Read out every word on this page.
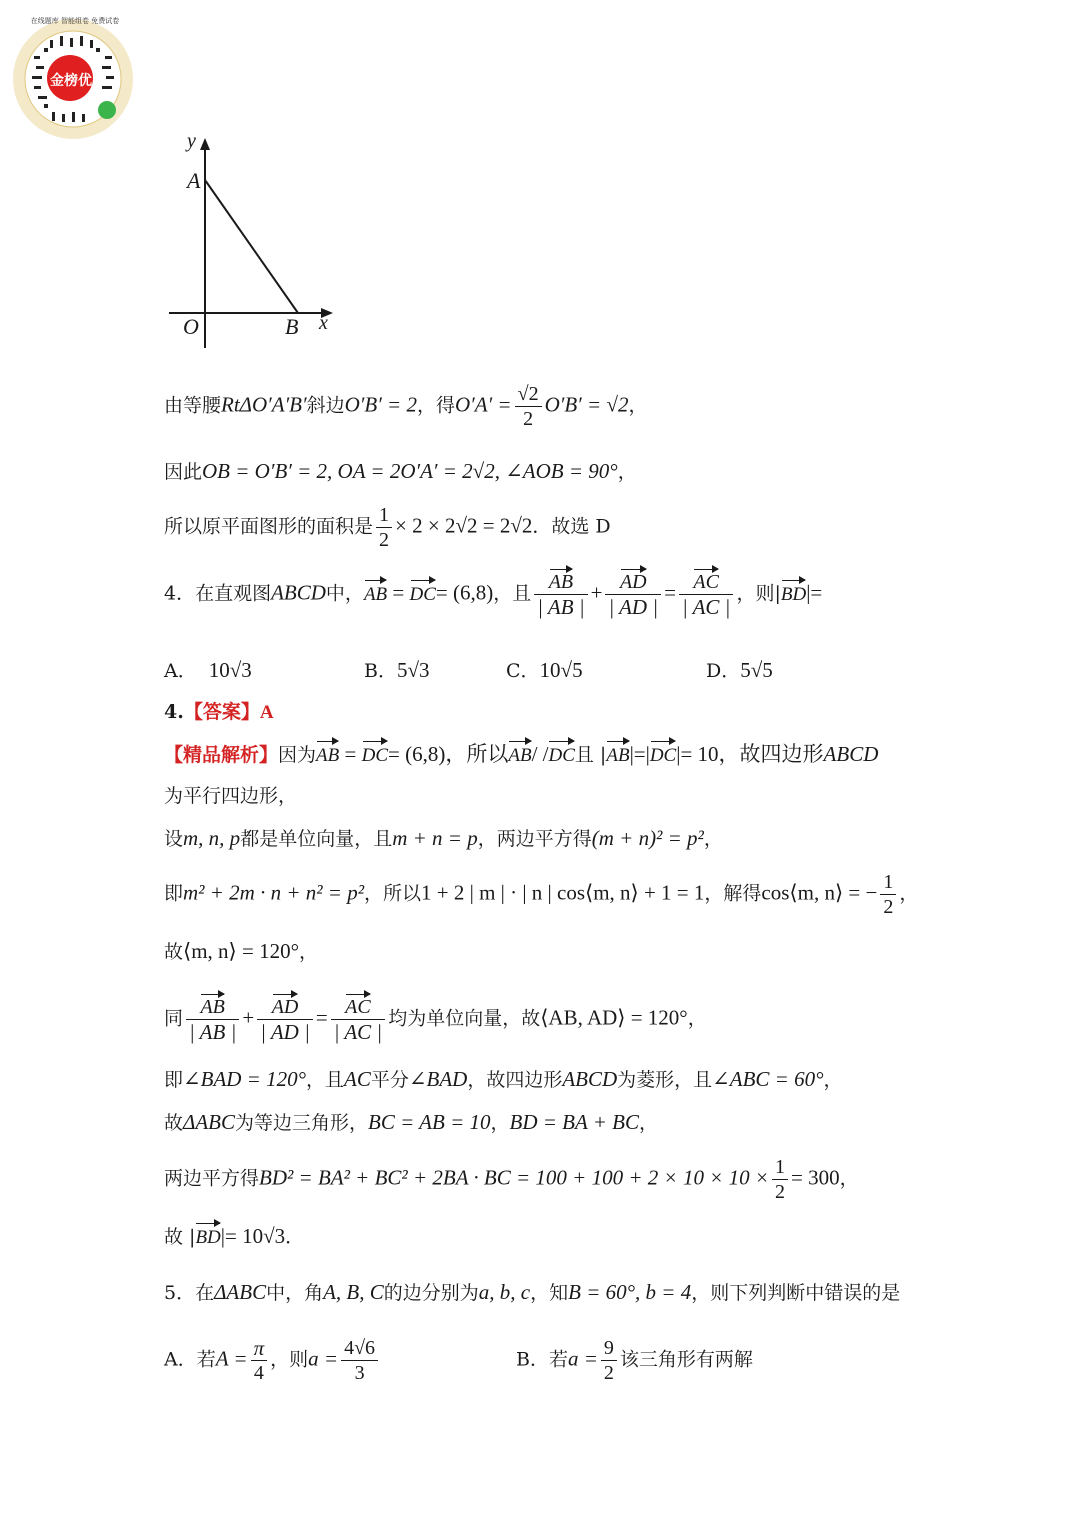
金榜优
在线题库 智能组卷 免费试卷
y
x
O
A
B
由等腰RtΔO′A′B′斜边O′B′ = 2，得$O'A' = \frac{√2}{2} O'B' = √2$，
因此OB = O′B′ = 2, OA = 2O′A′ = 2√2, ∠AOB = 90°，
所以原平面图形的面积是 $\frac{1}{2} \times 2 \times 2√2 = 2√2$．故选 D
4．在直观图ABCD中，AB = DC= (6,8)，且 $\frac{AB}{| AB |} + \frac{AD}{| AD |} = \frac{AC}{| AC |}$ ，则|BD|=
A． 10√3	B．5√3	C．10√5	D．5√5
4.【答案】A
【精品解析】因为AB = DC= (6,8)，所以AB/ /DC且 |AB|=|DC|= 10，故四边形ABCD
为平行四边形，
设m, n, p都是单位向量，且m + n = p，两边平方得(m + n)² = p²，
即m² + 2m · n + n² = p²，所以1 + 2 | m | · | n | cos⟨m, n⟩ + 1 = 1，解得cos⟨m, n⟩ = − $\frac{1}{2}$ ，
故⟨m, n⟩ = 120°，
同 $\frac{AB}{| AB |} + \frac{AD}{| AD |} = \frac{AC}{| AC |}$ 均为单位向量，故⟨AB, AD⟩ = 120°，
即∠BAD = 120°，且AC平分∠BAD，故四边形ABCD为菱形，且∠ABC = 60°，
故ΔABC为等边三角形，BC = AB = 10，BD = BA + BC，
两边平方得BD² = BA² + BC² + 2BA · BC = $100 + 100 + 2 \times 10 \times 10 \times \frac{1}{2} = 300$，
故 |BD|= 10√3．
5．在ΔABC中，角A, B, C的边分别为a, b, c，知B = 60°, b = 4，则下列判断中错误的是
A．若$A = \frac{\pi}{4}$ ，则$a = \frac{4√6}{3}$	B．若$a = \frac{9}{2}$ 该三角形有两解
